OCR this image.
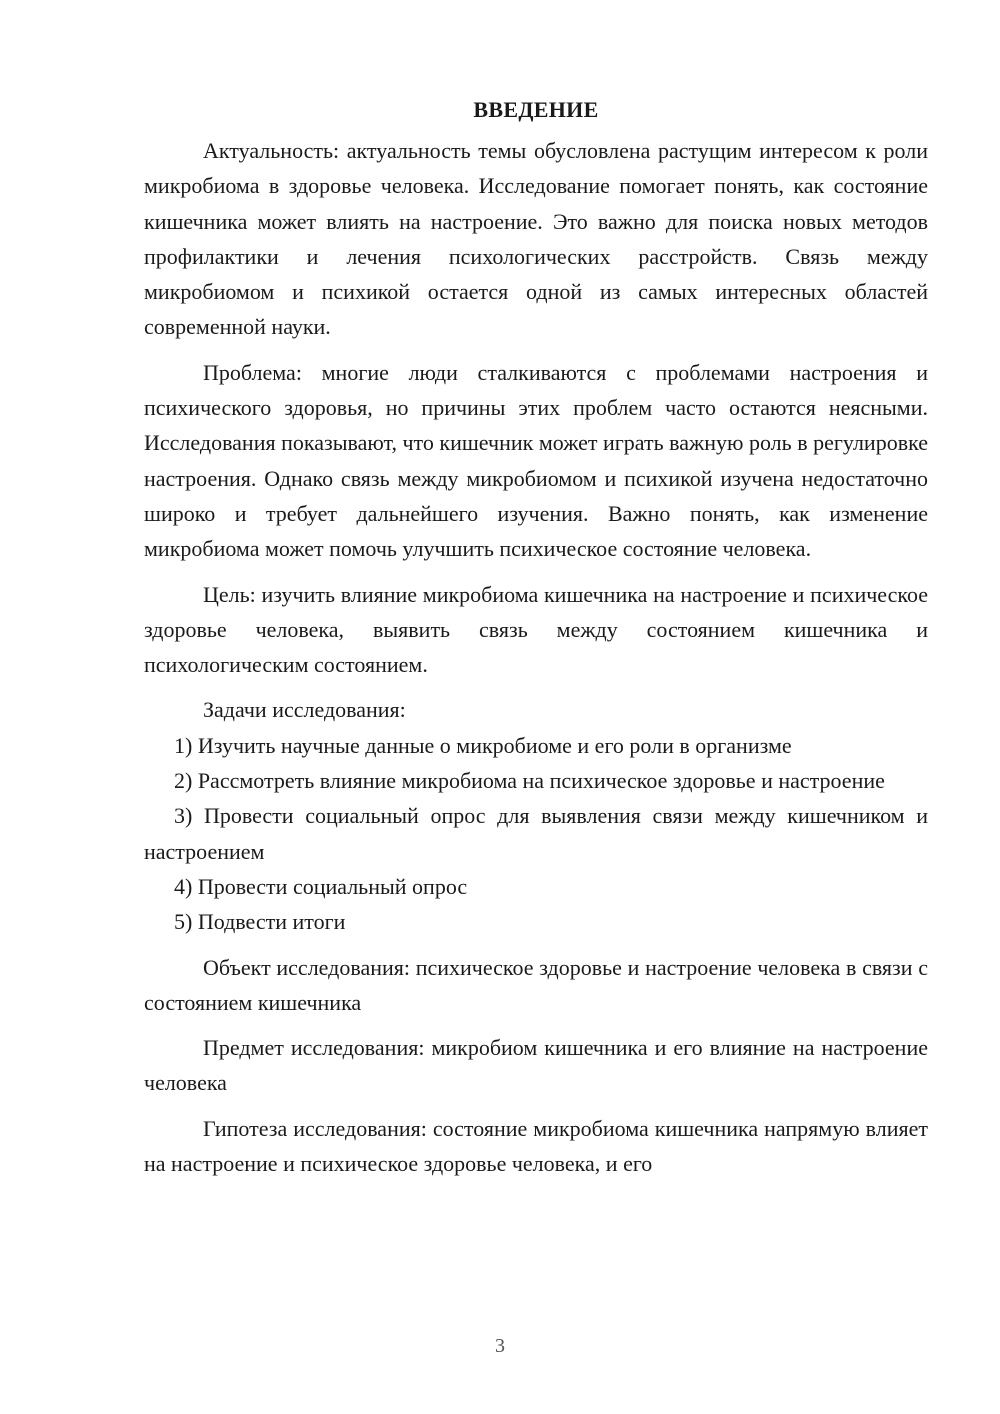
ВВЕДЕНИЕ

Актуальность: актуальность темы обусловлена растущим интересом к роли микробиома в здоровье человека. Исследование помогает понять, как состояние кишечника может влиять на настроение. Это важно для поиска новых методов профилактики и лечения психологических расстройств. Связь между микробиомом и психикой остается одной из самых интересных областей современной науки.

Проблема: многие люди сталкиваются с проблемами настроения и психического здоровья, но причины этих проблем часто остаются неясными. Исследования показывают, что кишечник может играть важную роль в регулировке настроения. Однако связь между микробиомом и психикой изучена недостаточно широко и требует дальнейшего изучения. Важно понять, как изменение микробиома может помочь улучшить психическое состояние человека.

Цель: изучить влияние микробиома кишечника на настроение и психическое здоровье человека, выявить связь между состоянием кишечника и психологическим состоянием.

Задачи исследования:

1) Изучить научные данные о микробиоме и его роли в организме

2) Рассмотреть влияние микробиома на психическое здоровье и настроение

3) Провести социальный опрос для выявления связи между кишечником и настроением

4) Провести социальный опрос

5) Подвести итоги

Объект исследования: психическое здоровье и настроение человека в связи с состоянием кишечника

Предмет исследования: микробиом кишечника и его влияние на настроение человека

Гипотеза исследования: состояние микробиома кишечника напрямую влияет на настроение и психическое здоровье человека, и его

3
